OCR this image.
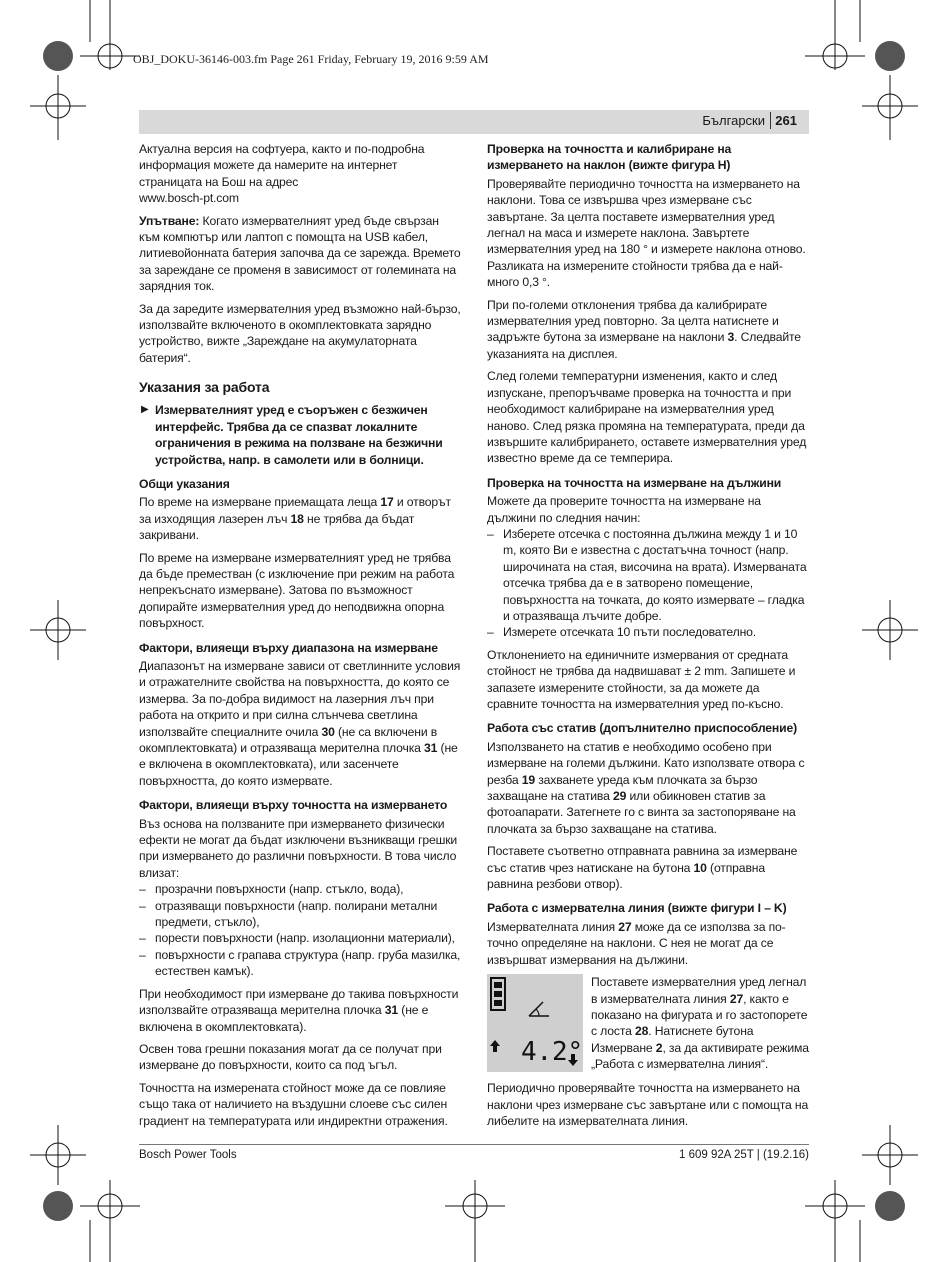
OBJ_DOKU-36146-003.fm Page 261 Friday, February 19, 2016 9:59 AM
Български 261

Актуална версия на софтуера, както и по-подробна информация можете да намерите на интернет страницата на Бош на адрес
www.bosch-pt.com

Упътване: Когато измервателният уред бъде свързан към компютър или лаптоп с помощта на USB кабел, литиевойонната батерия започва да се зарежда. Времето за зареждане се променя в зависимост от големината на зарядния ток.

За да заредите измервателния уред възможно най-бързо, използвайте включеното в окомплектовката зарядно устройство, вижте „Зареждане на акумулаторната батерия“.

Указания за работа
▶ Измервателният уред е съоръжен с безжичен интерфейс. Трябва да се спазват локалните ограничения в режима на ползване на безжични устройства, напр. в самолети или в болници.
Общи указания

По време на измерване приемащата леща 17 и отворът за изходящия лазерен лъч 18 не трябва да бъдат закривани.

По време на измерване измервателният уред не трябва да бъде преместван (с изключение при режим на работа непрекъснато измерване). Затова по възможност допирайте измервателния уред до неподвижна опорна повърхност.

Фактори, влияещи върху диапазона на измерване

Диапазонът на измерване зависи от светлинните условия и отражателните свойства на повърхността, до която се измерва. За по-добра видимост на лазерния лъч при работа на открито и при силна слънчева светлина използвайте специалните очила 30 (не са включени в окомплектовката) и отразяваща мерителна плочка 31 (не е включена в окомплектовката), или засенчете повърхността, до която измервате.

Фактори, влияещи върху точността на измерването

Въз основа на ползваните при измерването физически ефекти не могат да бъдат изключени възникващи грешки при измерването до различни повърхности. В това число влизат:

– прозрачни повърхности (напр. стъкло, вода),
– отразяващи повърхности (напр. полирани метални предмети, стъкло),
– порести повърхности (напр. изолационни материали),
– повърхности с грапава структура (напр. груба мазилка, естествен камък).

При необходимост при измерване до такива повърхности използвайте отразяваща мерителна плочка 31 (не е включена в окомплектовката).

Освен това грешни показания могат да се получат при измерване до повърхности, които са под ъгъл.

Точността на измерената стойност може да се повлияе също така от наличието на въздушни слоеве със силен градиент на температурата или индиректни отражения.

Проверка на точността и калибриране на измерването на наклон (вижте фигура H)

Проверявайте периодично точността на измерването на наклони. Това се извършва чрез измерване със завъртане. За целта поставете измервателния уред легнал на маса и измерете наклона. Завъртете измервателния уред на 180 ° и измерете наклона отново. Разликата на измерените стойности трябва да е най-много 0,3 °.

При по-големи отклонения трябва да калибрирате измервателния уред повторно. За целта натиснете и задръжте бутона за измерване на наклони 3. Следвайте указанията на дисплея.

След големи температурни изменения, както и след изпускане, препоръчваме проверка на точността и при необходимост калибриране на измервателния уред наново. След рязка промяна на температурата, преди да извършите калибрирането, оставете измервателния уред известно време да се темперира.

Проверка на точността на измерване на дължини

Можете да проверите точността на измерване на дължини по следния начин:

– Изберете отсечка с постоянна дължина между 1 и 10 m, която Ви е известна с достатъчна точност (напр. широчината на стая, височина на врата). Измерваната отсечка трябва да е в затворено помещение, повърхността на точката, до която измервате – гладка и отразяваща лъчите добре.
– Измерете отсечката 10 пъти последователно.

Отклонението на единичните измервания от средната стойност не трябва да надвишават ± 2 mm. Запишете и запазете измерените стойности, за да можете да сравните точността на измервателния уред по-късно.

Работа със статив (допълнително приспособление)

Използването на статив е необходимо особено при измерване на големи дължини. Като използвате отвора с резба 19 захванете уреда към плочката за бързо захващане на статива 29 или обикновен статив за фотоапарати. Затегнете го с винта за застопоряване на плочката за бързо захващане на статива.

Поставете съответно отправната равнина за измерване със статив чрез натискане на бутона 10 (отправна равнина резбови отвор).

Работа с измервателна линия (вижте фигури I – K)

Измервателната линия 27 може да се използва за по-точно определяне на наклони. С нея не могат да се извършват измервания на дължини.

4.2°
Поставете измервателния уред легнал в измервателната линия 27, както е показано на фигурата и го застопорете с лоста 28. Натиснете бутона Измерване 2, за да активирате режима „Работа с измервателна линия“.

Периодично проверявайте точността на измерването на наклони чрез измерване със завъртане или с помощта на либелите на измервателната линия.

Bosch Power Tools	1 609 92A 25T | (19.2.16)
